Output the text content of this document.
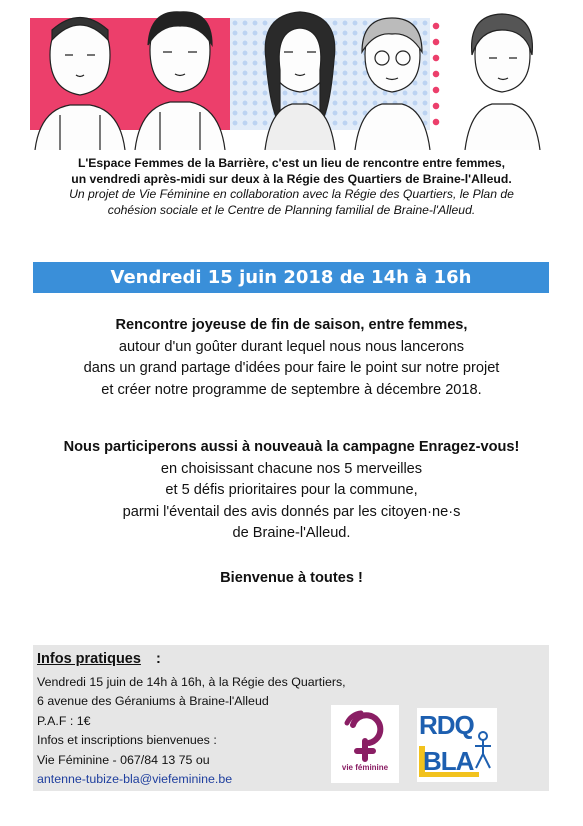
L'Espace Femmes de la Barrière, c'est un lieu de rencontre entre femmes,
un vendredi après-midi sur deux à la Régie des Quartiers de Braine-l'Alleud.
Un projet de Vie Féminine en collaboration avec la Régie des Quartiers, le Plan de
cohésion sociale et le Centre de Planning familial de Braine-l'Alleud.
Vendredi 15 juin 2018 de 14h à 16h
Rencontre joyeuse de fin de saison, entre femmes,
autour d'un goûter durant lequel nous nous lancerons
dans un grand partage d'idées pour faire le point sur notre projet
et créer notre programme de septembre à décembre 2018.
Nous participerons aussi à nouveauà la campagne Enragez-vous!
en choisissant chacune nos 5 merveilles
et 5 défis prioritaires pour la commune,
parmi l'éventail des avis donnés par les citoyen·ne·s
de Braine-l'Alleud.
Bienvenue à toutes !
Infos pratiques :
Vendredi 15 juin de 14h à 16h, à la Régie des Quartiers,
6 avenue des Géraniums à Braine-l'Alleud
P.A.F : 1€
Infos et inscriptions bienvenues :
Vie Féminine - 067/84 13 75 ou
antenne-tubize-bla@viefeminine.be
vie féminine
RDQ
BLA
